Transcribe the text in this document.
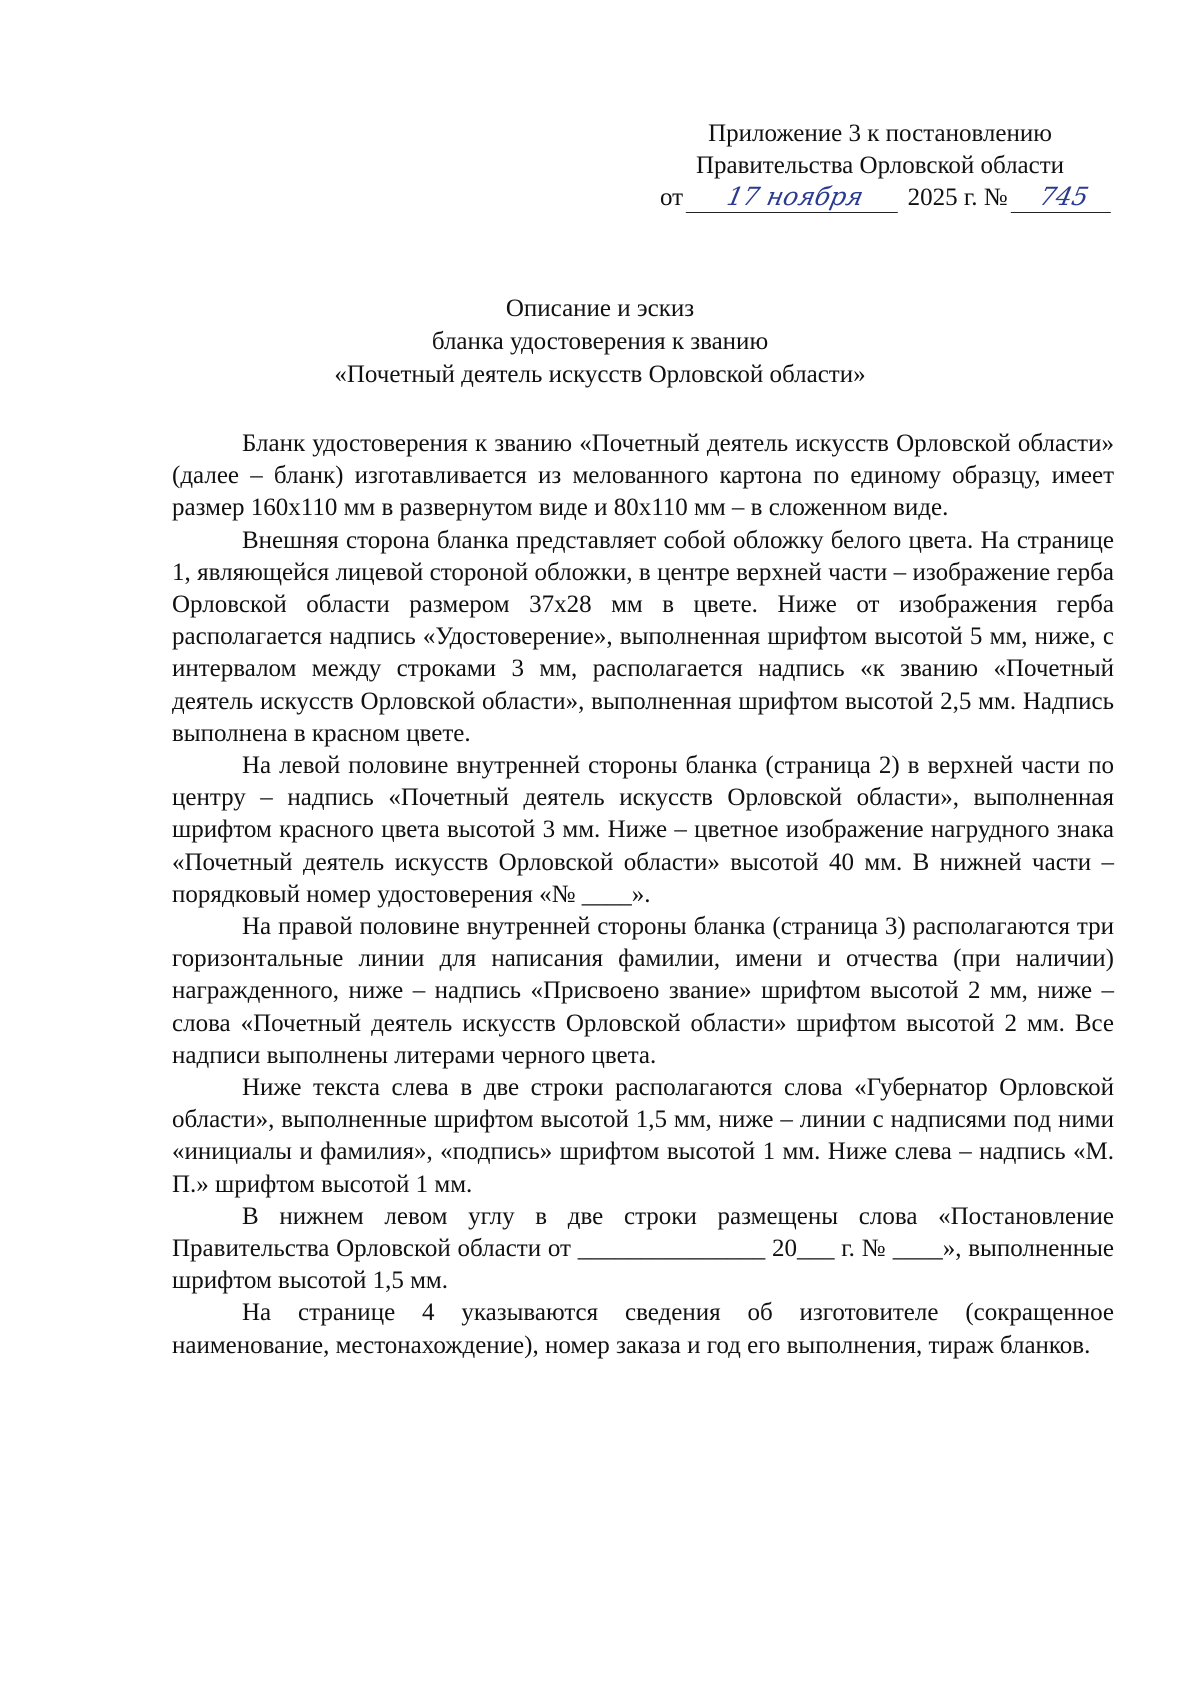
Приложение 3 к постановлению
Правительства Орловской области
от 17 ноября 2025 г. № 745
Описание и эскиз
бланка удостоверения к званию
«Почетный деятель искусств Орловской области»

Бланк удостоверения к званию «Почетный деятель искусств Орловской области» (далее – бланк) изготавливается из мелованного картона по единому образцу, имеет размер 160х110 мм в развернутом виде и 80х110 мм – в сложенном виде.

Внешняя сторона бланка представляет собой обложку белого цвета. На странице 1, являющейся лицевой стороной обложки, в центре верхней части – изображение герба Орловской области размером 37х28 мм в цвете. Ниже от изображения герба располагается надпись «Удостоверение», выполненная шрифтом высотой 5 мм, ниже, с интервалом между строками 3 мм, располагается надпись «к званию «Почетный деятель искусств Орловской области», выполненная шрифтом высотой 2,5 мм. Надпись выполнена в красном цвете.

На левой половине внутренней стороны бланка (страница 2) в верхней части по центру – надпись «Почетный деятель искусств Орловской области», выполненная шрифтом красного цвета высотой 3 мм. Ниже – цветное изображение нагрудного знака «Почетный деятель искусств Орловской области» высотой 40 мм. В нижней части – порядковый номер удостоверения «№ ____».

На правой половине внутренней стороны бланка (страница 3) располагаются три горизонтальные линии для написания фамилии, имени и отчества (при наличии) награжденного, ниже – надпись «Присвоено звание» шрифтом высотой 2 мм, ниже – слова «Почетный деятель искусств Орловской области» шрифтом высотой 2 мм. Все надписи выполнены литерами черного цвета.

Ниже текста слева в две строки располагаются слова «Губернатор Орловской области», выполненные шрифтом высотой 1,5 мм, ниже – линии с надписями под ними «инициалы и фамилия», «подпись» шрифтом высотой 1 мм. Ниже слева – надпись «М. П.» шрифтом высотой 1 мм.

В нижнем левом углу в две строки размещены слова «Постановление Правительства Орловской области от _______________ 20___ г. № ____», выполненные шрифтом высотой 1,5 мм.

На странице 4 указываются сведения об изготовителе (сокращенное наименование, местонахождение), номер заказа и год его выполнения, тираж бланков.
